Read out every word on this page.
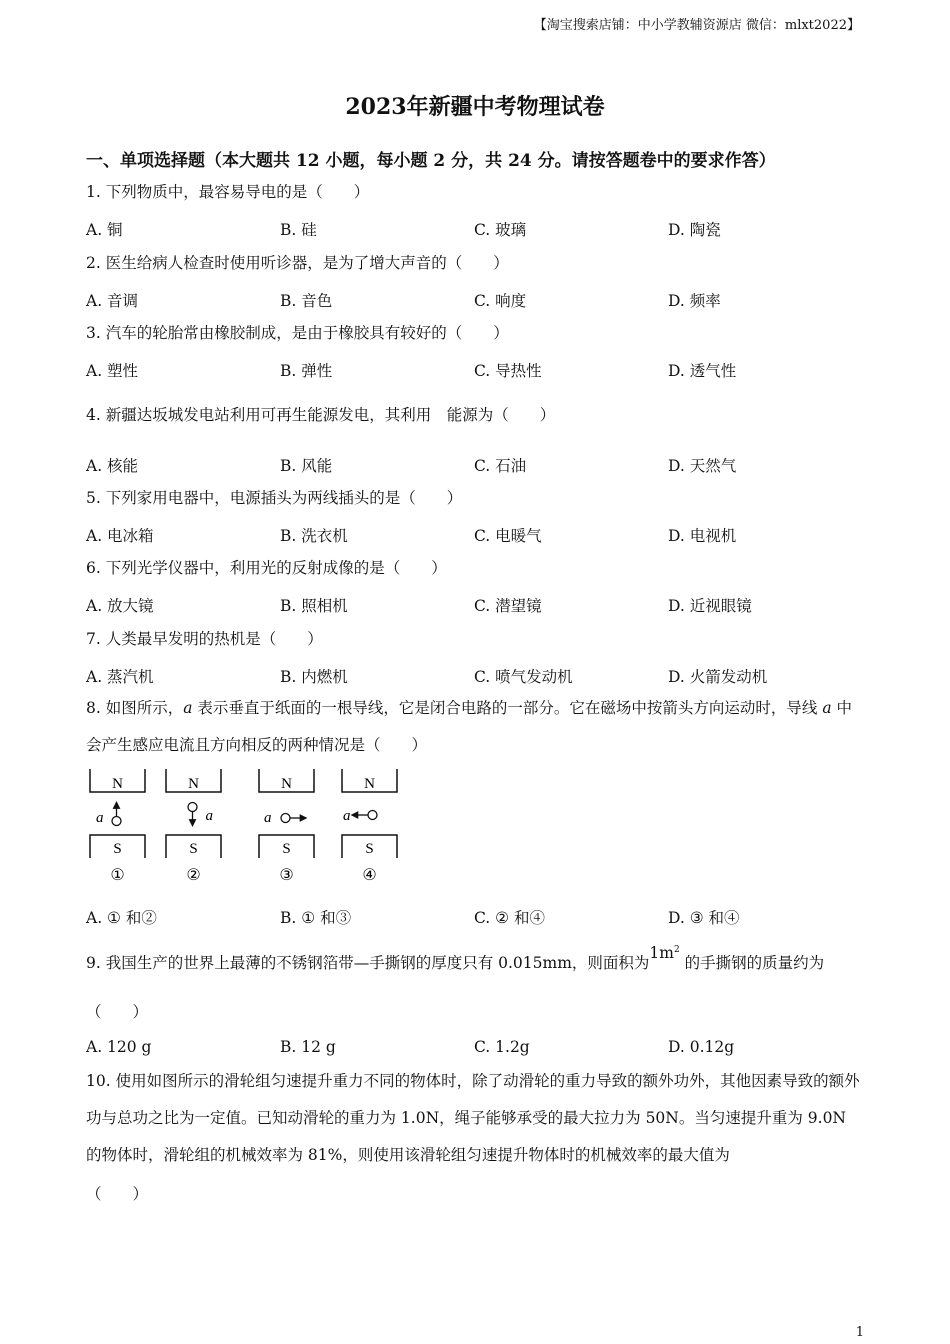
【淘宝搜索店铺：中小学教辅资源店 微信：mlxt2022】
2023年新疆中考物理试卷
一、单项选择题（本大题共 12 小题，每小题 2 分，共 24 分。请按答题卷中的要求作答）
1. 下列物质中，最容易导电的是（　　）
A. 铜	B. 硅	C. 玻璃	D. 陶瓷
2. 医生给病人检查时使用听诊器，是为了增大声音的（　　）
A. 音调	B. 音色	C. 响度	D. 频率
3. 汽车的轮胎常由橡胶制成，是由于橡胶具有较好的（　　）
A. 塑性	B. 弹性	C. 导热性	D. 透气性
4. 新疆达坂城发电站利用可再生能源发电，其利用　能源为（　　）
A. 核能	B. 风能	C. 石油	D. 天然气
5. 下列家用电器中，电源插头为两线插头的是（　　）
A. 电冰箱	B. 洗衣机	C. 电暖气	D. 电视机
6. 下列光学仪器中，利用光的反射成像的是（　　）
A. 放大镜	B. 照相机	C. 潜望镜	D. 近视眼镜
7. 人类最早发明的热机是（　　）
A. 蒸汽机	B. 内燃机	C. 喷气发动机	D. 火箭发动机
8. 如图所示，a 表示垂直于纸面的一根导线，它是闭合电路的一部分。它在磁场中按箭头方向运动时，导线 a 中会产生感应电流且方向相反的两种情况是（　　）
N
S
①
a
N
S
②
a
N
S
③
a
N
S
④
a
A. ① 和②	B. ① 和③	C. ② 和④	D. ③ 和④
9. 我国生产的世界上最薄的不锈钢箔带—手撕钢的厚度只有 0.015mm，则面积为$1m^2$ 的手撕钢的质量约为
（　　）
A. 120 g	B. 12 g	C. 1.2g	D. 0.12g
10. 使用如图所示的滑轮组匀速提升重力不同的物体时，除了动滑轮的重力导致的额外功外，其他因素导致的额外功与总功之比为一定值。已知动滑轮的重力为 1.0N，绳子能够承受的最大拉力为 50N。当匀速提升重为 9.0N 的物体时，滑轮组的机械效率为 81%，则使用该滑轮组匀速提升物体时的机械效率的最大值为
（　　）
1
